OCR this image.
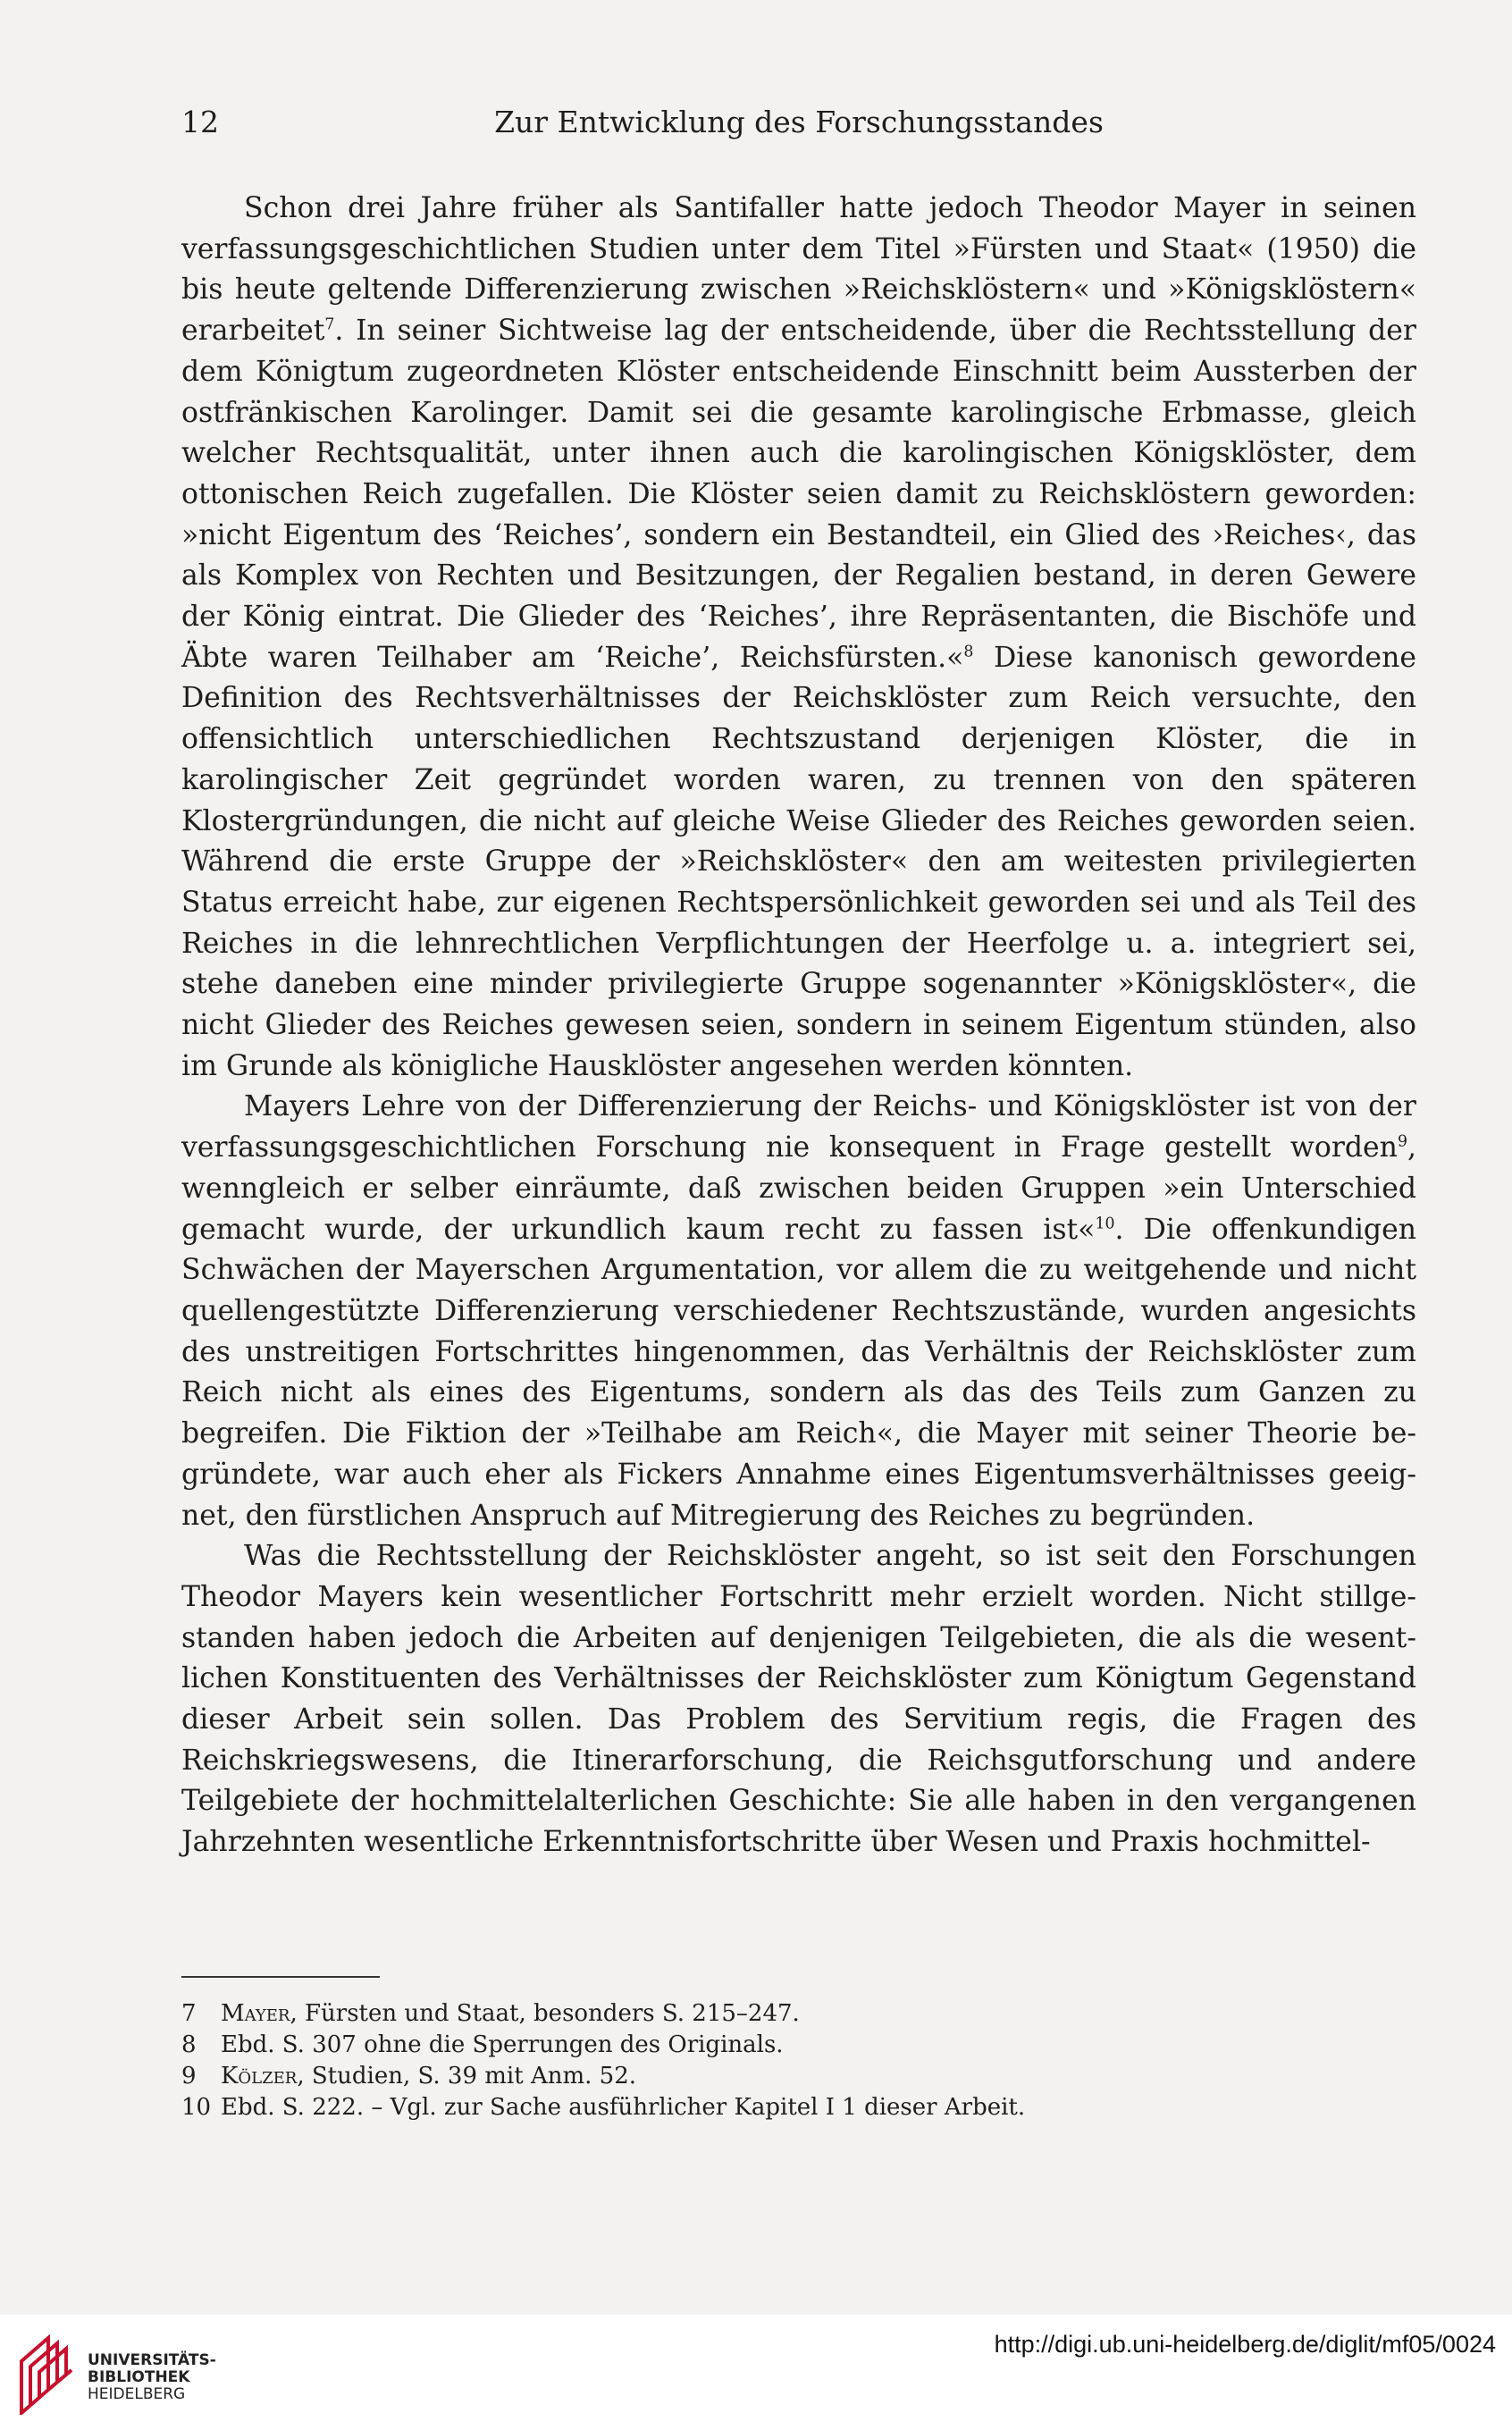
12	Zur Entwicklung des Forschungsstandes

Schon drei Jahre früher als Santifaller hatte jedoch Theodor Mayer in seinen verfassungsgeschichtlichen Studien unter dem Titel »Fürsten und Staat« (1950) die bis heute geltende Differenzierung zwischen »Reichsklöstern« und »Königsklöstern« erarbeitet$^7$. In seiner Sichtweise lag der entscheidende, über die Rechtsstellung der dem Königtum zugeordneten Klöster entscheidende Einschnitt beim Aussterben der ostfränkischen Karolinger. Damit sei die gesamte karolingische Erbmasse, gleich welcher Rechtsqualität, unter ihnen auch die karolingischen Königsklöster, dem ottonischen Reich zugefallen. Die Klöster seien damit zu Reichsklöstern geworden: »nicht Eigentum des ‘Reiches’, sondern ein Bestandteil, ein Glied des ›Reiches‹, das als Komplex von Rechten und Besitzungen, der Regalien bestand, in deren Gewere der König eintrat. Die Glieder des ‘Reiches’, ihre Repräsentanten, die Bischöfe und Äbte waren Teilhaber am ‘Reiche’, Reichsfürsten.«$^8$ Diese kanonisch gewordene Definition des Rechtsverhältnisses der Reichsklöster zum Reich versuchte, den offensichtlich unterschiedlichen Rechtszustand derjenigen Klöster, die in karolingischer Zeit gegründet worden waren, zu trennen von den späteren Klostergründungen, die nicht auf gleiche Weise Glieder des Reiches geworden seien. Während die erste Gruppe der »Reichsklöster« den am weitesten privilegierten Status erreicht habe, zur eigenen Rechtspersönlichkeit geworden sei und als Teil des Reiches in die lehnrechtlichen Verpflichtungen der Heerfolge u. a. integriert sei, stehe daneben eine minder privilegierte Gruppe sogenannter »Königsklöster«, die nicht Glieder des Reiches gewesen seien, sondern in seinem Eigentum stünden, also im Grunde als königliche Hausklöster angesehen werden könnten.

Mayers Lehre von der Differenzierung der Reichs- und Königsklöster ist von der verfassungsgeschichtlichen Forschung nie konsequent in Frage gestellt worden$^9$, wenngleich er selber einräumte, daß zwischen beiden Gruppen »ein Unterschied gemacht wurde, der urkundlich kaum recht zu fassen ist«$^{10}$. Die offenkundigen Schwächen der Mayerschen Argumentation, vor allem die zu weitgehende und nicht quellengestützte Differenzierung verschiedener Rechtszustände, wurden angesichts des unstreitigen Fortschrittes hingenommen, das Verhältnis der Reichsklöster zum Reich nicht als eines des Eigentums, sondern als das des Teils zum Ganzen zu begreifen. Die Fiktion der »Teilhabe am Reich«, die Mayer mit seiner Theorie begründete, war auch eher als Fickers Annahme eines Eigentumsverhältnisses geeignet, den fürstlichen Anspruch auf Mitregierung des Reiches zu begründen.

Was die Rechtsstellung der Reichsklöster angeht, so ist seit den Forschungen Theodor Mayers kein wesentlicher Fortschritt mehr erzielt worden. Nicht stillgestanden haben jedoch die Arbeiten auf denjenigen Teilgebieten, die als die wesentlichen Konstituenten des Verhältnisses der Reichsklöster zum Königtum Gegenstand dieser Arbeit sein sollen. Das Problem des Servitium regis, die Fragen des Reichskriegswesens, die Itinerarforschung, die Reichsgutforschung und andere Teilgebiete der hochmittelalterlichen Geschichte: Sie alle haben in den vergangenen Jahrzehnten wesentliche Erkenntnisfortschritte über Wesen und Praxis hochmittel-

7	Mayer, Fürsten und Staat, besonders S. 215–247.
8	Ebd. S. 307 ohne die Sperrungen des Originals.
9	Kölzer, Studien, S. 39 mit Anm. 52.
10 Ebd. S. 222. – Vgl. zur Sache ausführlicher Kapitel I 1 dieser Arbeit.
UNIVERSITÄTS-
BIBLIOTHEK
HEIDELBERG
http://digi.ub.uni-heidelberg.de/diglit/mf05/0024
